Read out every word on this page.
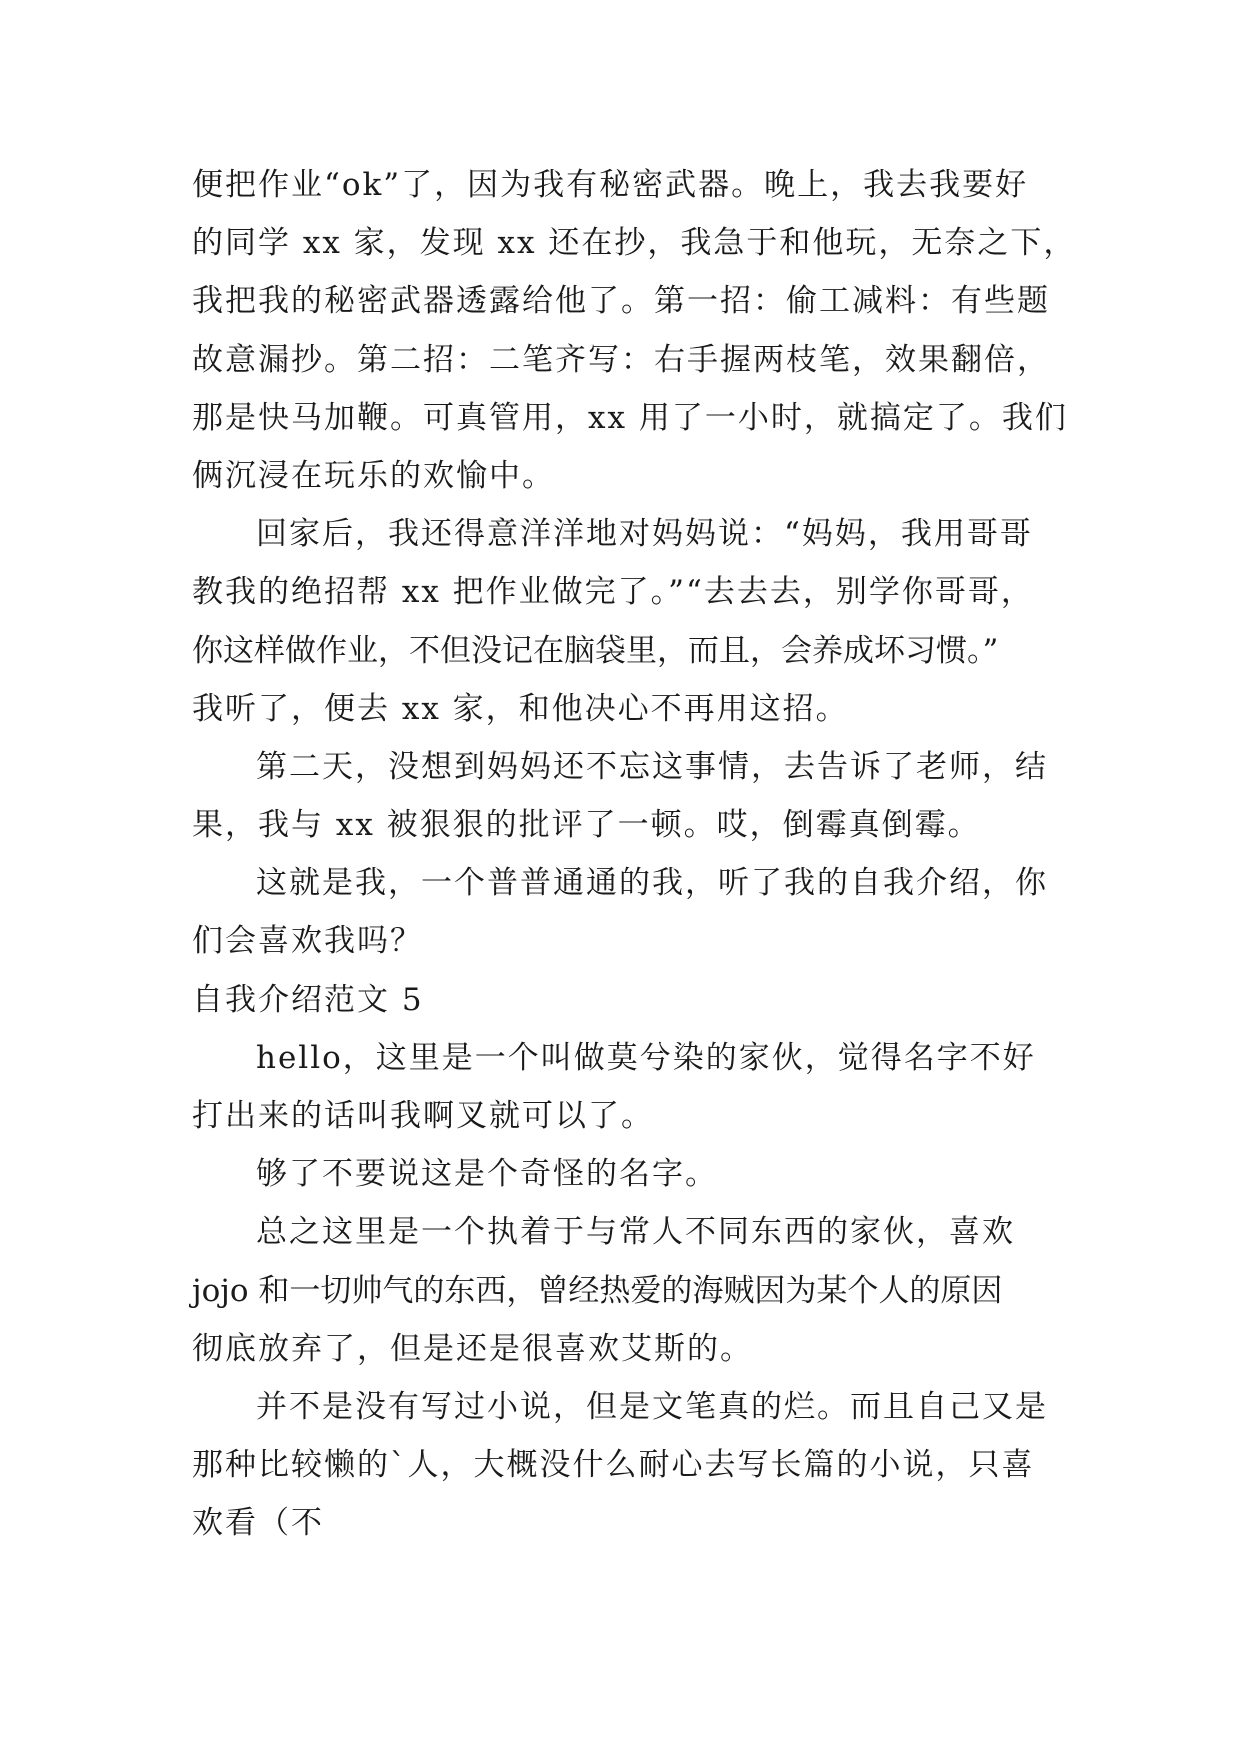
便把作业“ok”了，因为我有秘密武器。晚上，我去我要好
的同学 xx 家，发现 xx 还在抄，我急于和他玩，无奈之下，
我把我的秘密武器透露给他了。第一招：偷工减料：有些题
故意漏抄。第二招：二笔齐写：右手握两枝笔，效果翻倍，
那是快马加鞭。可真管用，xx 用了一小时，就搞定了。我们
俩沉浸在玩乐的欢愉中。
回家后，我还得意洋洋地对妈妈说：“妈妈，我用哥哥
教我的绝招帮 xx 把作业做完了。”“去去去，别学你哥哥，
你这样做作业，不但没记在脑袋里，而且，会养成坏习惯。”
我听了，便去 xx 家，和他决心不再用这招。
第二天，没想到妈妈还不忘这事情，去告诉了老师，结
果，我与 xx 被狠狠的批评了一顿。哎，倒霉真倒霉。
这就是我，一个普普通通的我，听了我的自我介绍，你
们会喜欢我吗？
自我介绍范文 5
hello，这里是一个叫做莫兮染的家伙，觉得名字不好
打出来的话叫我啊叉就可以了。
够了不要说这是个奇怪的名字。
总之这里是一个执着于与常人不同东西的家伙，喜欢
jojo 和一切帅气的东西，曾经热爱的海贼因为某个人的原因
彻底放弃了，但是还是很喜欢艾斯的。
并不是没有写过小说，但是文笔真的烂。而且自己又是
那种比较懒的`人，大概没什么耐心去写长篇的小说，只喜
欢看（不
